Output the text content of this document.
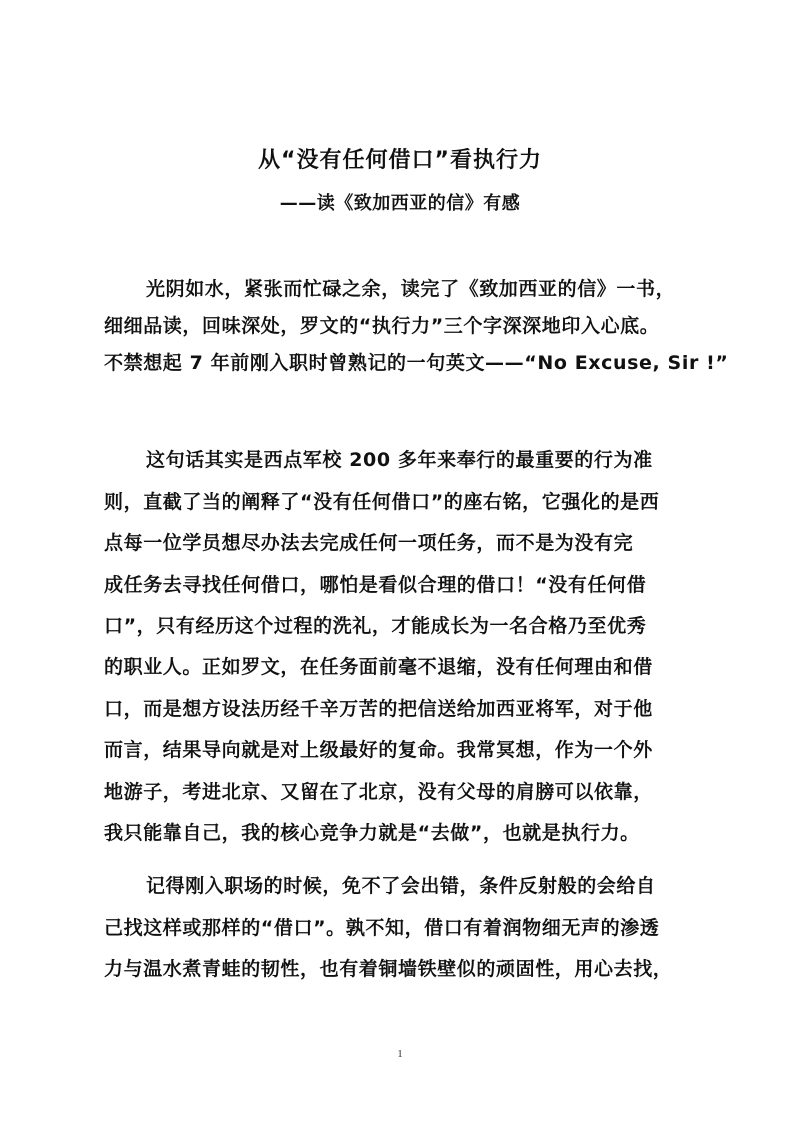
从“没有任何借口”看执行力
——读《致加西亚的信》有感
光阴如水，紧张而忙碌之余，读完了《致加西亚的信》一书，
细细品读，回味深处，罗文的“执行力”三个字深深地印入心底。
不禁想起 7 年前刚入职时曾熟记的一句英文——“No Excuse, Sir !”
这句话其实是西点军校 200 多年来奉行的最重要的行为准
则，直截了当的阐释了“没有任何借口”的座右铭，它强化的是西
点每一位学员想尽办法去完成任何一项任务，而不是为没有完
成任务去寻找任何借口，哪怕是看似合理的借口！“没有任何借
口”，只有经历这个过程的洗礼，才能成长为一名合格乃至优秀
的职业人。正如罗文，在任务面前毫不退缩，没有任何理由和借
口，而是想方设法历经千辛万苦的把信送给加西亚将军，对于他
而言，结果导向就是对上级最好的复命。我常冥想，作为一个外
地游子，考进北京、又留在了北京，没有父母的肩膀可以依靠，
我只能靠自己，我的核心竞争力就是“去做”，也就是执行力。
记得刚入职场的时候，免不了会出错，条件反射般的会给自
己找这样或那样的“借口”。孰不知，借口有着润物细无声的渗透
力与温水煮青蛙的韧性，也有着铜墙铁壁似的顽固性，用心去找，
1
